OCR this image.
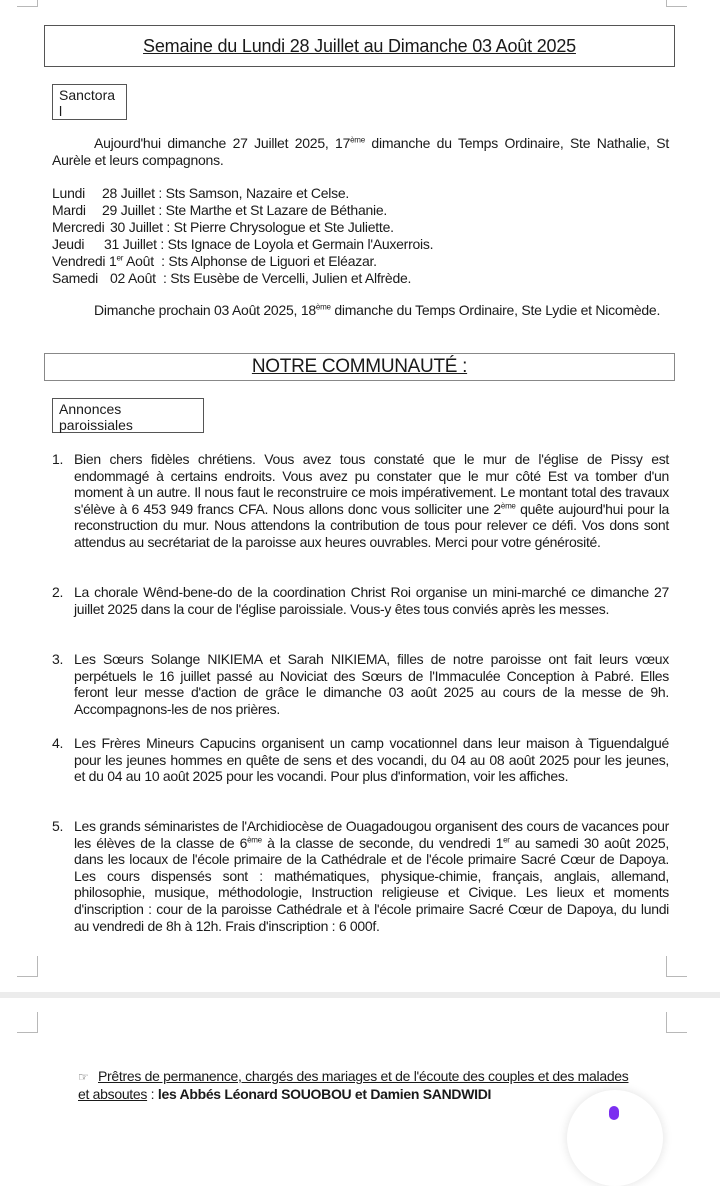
Semaine du Lundi 28 Juillet au Dimanche 03 Août 2025
Sanctora
l
Aujourd'hui dimanche 27 Juillet 2025, 17ème dimanche du Temps Ordinaire, Ste Nathalie, St Aurèle et leurs compagnons.
Lundi 28 Juillet : Sts Samson, Nazaire et Celse.
Mardi 29 Juillet : Ste Marthe et St Lazare de Béthanie.
Mercredi 30 Juillet : St Pierre Chrysologue et Ste Juliette.
Jeudi 31 Juillet : Sts Ignace de Loyola et Germain l'Auxerrois.
Vendredi 1er Août  : Sts Alphonse de Liguori et Eléazar.
Samedi 02 Août  : Sts Eusèbe de Vercelli, Julien et Alfrède.
Dimanche prochain 03 Août 2025, 18ème dimanche du Temps Ordinaire, Ste Lydie et Nicomède.
NOTRE COMMUNAUTÉ :
Annonces
paroissiales
1. Bien chers fidèles chrétiens. Vous avez tous constaté que le mur de l'église de Pissy est endommagé à certains endroits. Vous avez pu constater que le mur côté Est va tomber d'un moment à un autre. Il nous faut le reconstruire ce mois impérativement. Le montant total des travaux s'élève à 6 453 949 francs CFA. Nous allons donc vous solliciter une 2ème quête aujourd'hui pour la reconstruction du mur. Nous attendons la contribution de tous pour relever ce défi. Vos dons sont attendus au secrétariat de la paroisse aux heures ouvrables. Merci pour votre générosité.
2. La chorale Wênd-bene-do de la coordination Christ Roi organise un mini-marché ce dimanche 27 juillet 2025 dans la cour de l'église paroissiale. Vous-y êtes tous conviés après les messes.
3. Les Sœurs Solange NIKIEMA et Sarah NIKIEMA, filles de notre paroisse ont fait leurs vœux perpétuels le 16 juillet passé au Noviciat des Sœurs de l'Immaculée Conception à Pabré. Elles feront leur messe d'action de grâce le dimanche 03 août 2025 au cours de la messe de 9h. Accompagnons-les de nos prières.
4. Les Frères Mineurs Capucins organisent un camp vocationnel dans leur maison à Tiguendalgué pour les jeunes hommes en quête de sens et des vocandi, du 04 au 08 août 2025 pour les jeunes, et du 04 au 10 août 2025 pour les vocandi. Pour plus d'information, voir les affiches.
5. Les grands séminaristes de l'Archidiocèse de Ouagadougou organisent des cours de vacances pour les élèves de la classe de 6ème à la classe de seconde, du vendredi 1er au samedi 30 août 2025, dans les locaux de l'école primaire de la Cathédrale et de l'école primaire Sacré Cœur de Dapoya. Les cours dispensés sont : mathématiques, physique-chimie, français, anglais, allemand, philosophie, musique, méthodologie, Instruction religieuse et Civique. Les lieux et moments d'inscription : cour de la paroisse Cathédrale et à l'école primaire Sacré Cœur de Dapoya, du lundi au vendredi de 8h à 12h. Frais d'inscription : 6 000f.
☞ Prêtres de permanence, chargés des mariages et de l'écoute des couples et des malades et absoutes : les Abbés Léonard SOUOBOU et Damien SANDWIDI
